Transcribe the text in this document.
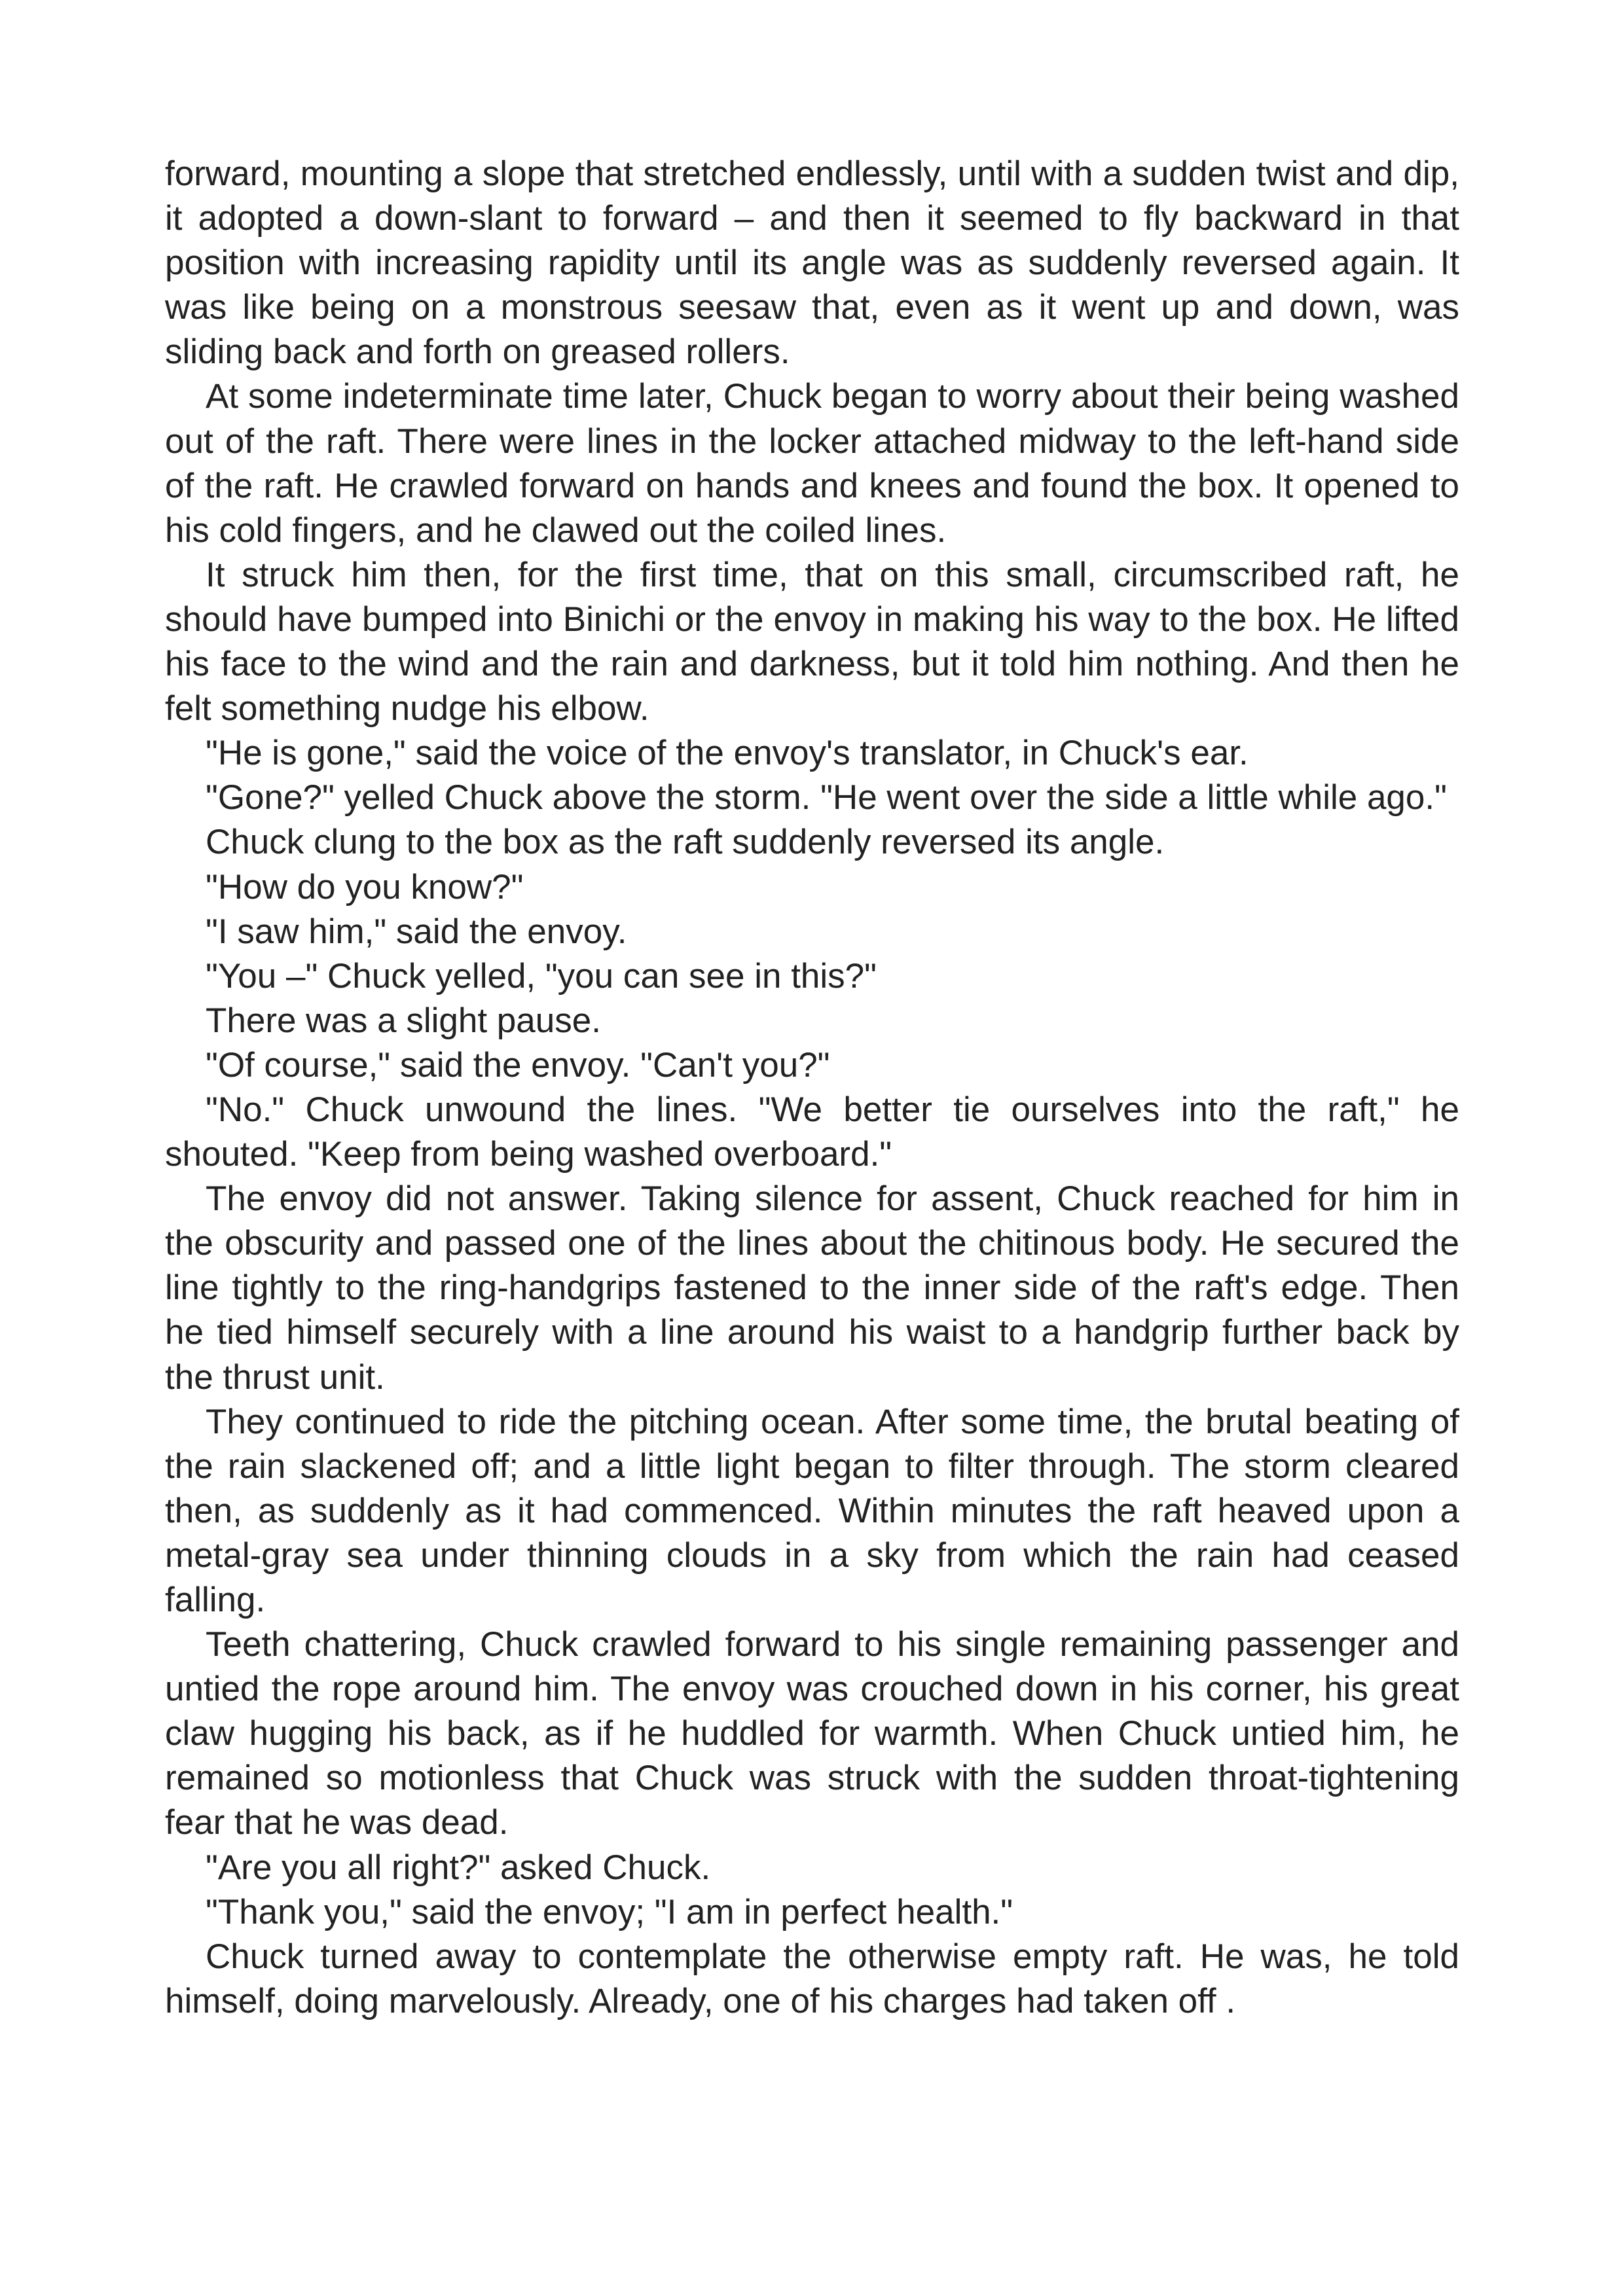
forward, mounting a slope that stretched endlessly, until with a sudden twist and dip, it adopted a down-slant to forward – and then it seemed to fly backward in that position with increasing rapidity until its angle was as suddenly reversed again. It was like being on a monstrous seesaw that, even as it went up and down, was sliding back and forth on greased rollers.

At some indeterminate time later, Chuck began to worry about their being washed out of the raft. There were lines in the locker attached midway to the left-hand side of the raft. He crawled forward on hands and knees and found the box. It opened to his cold fingers, and he clawed out the coiled lines.

It struck him then, for the first time, that on this small, circumscribed raft, he should have bumped into Binichi or the envoy in making his way to the box. He lifted his face to the wind and the rain and darkness, but it told him nothing. And then he felt something nudge his elbow.

"He is gone," said the voice of the envoy's translator, in Chuck's ear.

"Gone?" yelled Chuck above the storm. "He went over the side a little while ago."

Chuck clung to the box as the raft suddenly reversed its angle.

"How do you know?"

"I saw him," said the envoy.

"You –" Chuck yelled, "you can see in this?"

There was a slight pause.

"Of course," said the envoy. "Can't you?"

"No." Chuck unwound the lines. "We better tie ourselves into the raft," he shouted. "Keep from being washed overboard."

The envoy did not answer. Taking silence for assent, Chuck reached for him in the obscurity and passed one of the lines about the chitinous body. He secured the line tightly to the ring-handgrips fastened to the inner side of the raft's edge. Then he tied himself securely with a line around his waist to a handgrip further back by the thrust unit.

They continued to ride the pitching ocean. After some time, the brutal beating of the rain slackened off; and a little light began to filter through. The storm cleared then, as suddenly as it had commenced. Within minutes the raft heaved upon a metal-gray sea under thinning clouds in a sky from which the rain had ceased falling.

Teeth chattering, Chuck crawled forward to his single remaining passenger and untied the rope around him. The envoy was crouched down in his corner, his great claw hugging his back, as if he huddled for warmth. When Chuck untied him, he remained so motionless that Chuck was struck with the sudden throat-tightening fear that he was dead.

"Are you all right?" asked Chuck.

"Thank you," said the envoy; "I am in perfect health."

Chuck turned away to contemplate the otherwise empty raft. He was, he told himself, doing marvelously. Already, one of his charges had taken off .
